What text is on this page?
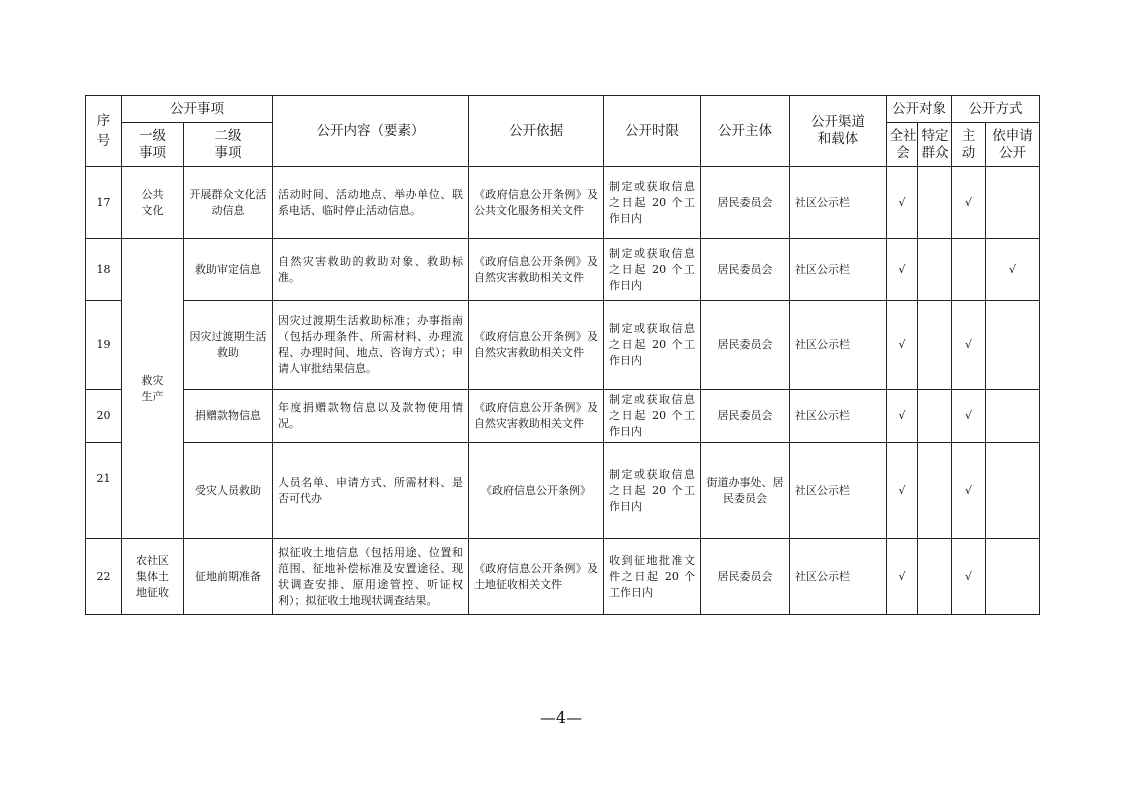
序号	公开事项		公开内容（要素）	公开依据	公开时限	公开主体	公开渠道和载体	公开对象		公开方式	
	一级事项	二级事项						全社会	特定群众	主动	依申请公开
17	公共文化	开展群众文化活动信息	活动时间、活动地点、举办单位、联系电话、临时停止活动信息。	《政府信息公开条例》及公共文化服务相关文件	制定或获取信息之日起 20 个工作日内	居民委员会	社区公示栏	√		√	
18	救灾生产	救助审定信息	自然灾害救助的救助对象、救助标准。	《政府信息公开条例》及自然灾害救助相关文件	制定或获取信息之日起 20 个工作日内	居民委员会	社区公示栏	√			√
19		因灾过渡期生活救助	因灾过渡期生活救助标准；办事指南（包括办理条件、所需材料、办理流程、办理时间、地点、咨询方式）；申请人审批结果信息。	《政府信息公开条例》及自然灾害救助相关文件	制定或获取信息之日起 20 个工作日内	居民委员会	社区公示栏	√		√	
20		捐赠款物信息	年度捐赠款物信息以及款物使用情况。	《政府信息公开条例》及自然灾害救助相关文件	制定或获取信息之日起 20 个工作日内	居民委员会	社区公示栏	√		√	
21		受灾人员救助	人员名单、申请方式、所需材料、是否可代办	《政府信息公开条例》	制定或获取信息之日起 20 个工作日内	街道办事处、居民委员会	社区公示栏	√		√	
22	农社区集体土地征收	征地前期准备	拟征收土地信息（包括用途、位置和范围、征地补偿标准及安置途径、现状调查安排、原用途管控、听证权利）；拟征收土地现状调查结果。	《政府信息公开条例》及土地征收相关文件	收到征地批准文件之日起 20 个工作日内	居民委员会	社区公示栏	√		√	
—4—
